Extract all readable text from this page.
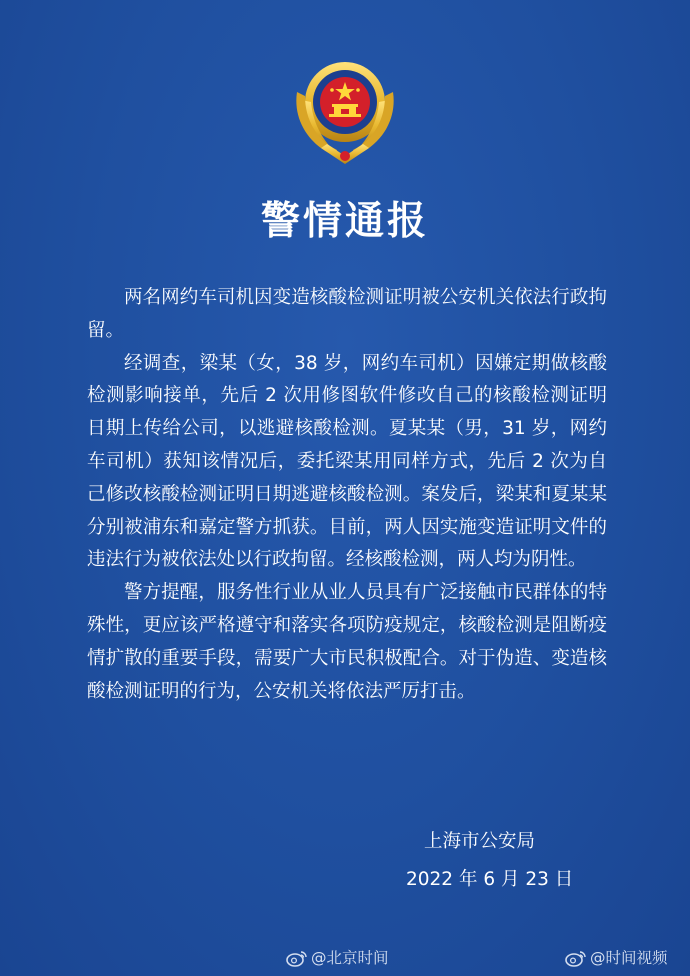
警情通报

两名网约车司机因变造核酸检测证明被公安机关依法行政拘留。

经调查，梁某（女，38 岁，网约车司机）因嫌定期做核酸检测影响接单，先后 2 次用修图软件修改自己的核酸检测证明日期上传给公司，以逃避核酸检测。夏某某（男，31 岁，网约车司机）获知该情况后，委托梁某用同样方式，先后 2 次为自己修改核酸检测证明日期逃避核酸检测。案发后，梁某和夏某某分别被浦东和嘉定警方抓获。目前，两人因实施变造证明文件的违法行为被依法处以行政拘留。经核酸检测，两人均为阴性。

警方提醒，服务性行业从业人员具有广泛接触市民群体的特殊性，更应该严格遵守和落实各项防疫规定，核酸检测是阻断疫情扩散的重要手段，需要广大市民积极配合。对于伪造、变造核酸检测证明的行为，公安机关将依法严厉打击。

上海市公安局

2022 年 6 月 23 日

@北京时间	@时间视频
